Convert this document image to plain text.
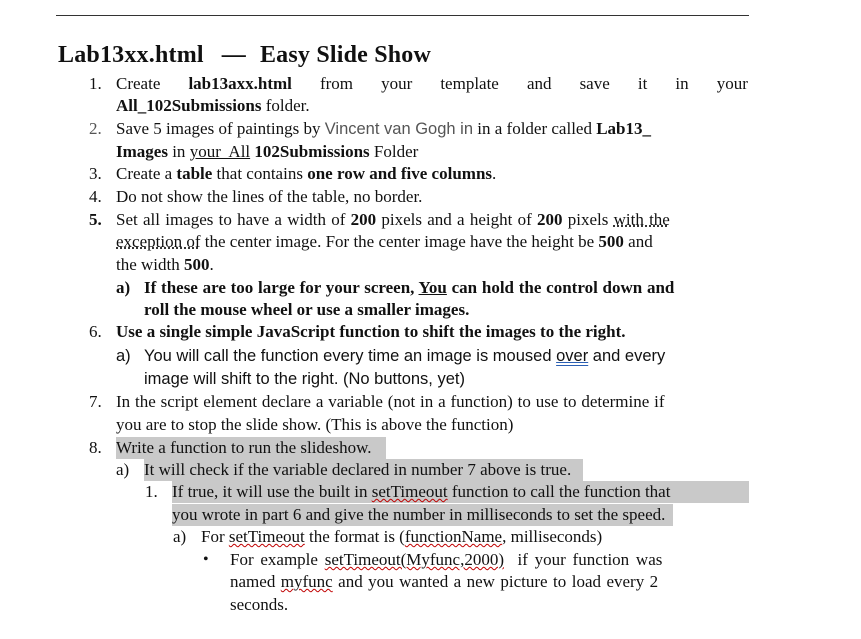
Lab13xx.html — Easy Slide Show
1. Create lab13axx.html from your template and save it in your
All_102Submissions folder.
2. Save 5 images of paintings by Vincent van Gogh in in a folder called Lab13_
Images in your  All 102Submissions Folder
3. Create a table that contains one row and five columns.
4. Do not show the lines of the table, no border.
5. Set all images to have a width of 200 pixels and a height of 200 pixels with the
exception of the center image. For the center image have the height be 500 and
the width 500.
a) If these are too large for your screen, You can hold the control down and
roll the mouse wheel or use a smaller images.
6. Use a single simple JavaScript function to shift the images to the right.
a) You will call the function every time an image is moused over and every
image will shift to the right. (No buttons, yet)
7. In the script element declare a variable (not in a function) to use to determine if
you are to stop the slide show. (This is above the function)
8. Write a function to run the slideshow.
a) It will check if the variable declared in number 7 above is true.
1. If true, it will use the built in setTimeout function to call the function that
you wrote in part 6 and give the number in milliseconds to set the speed.
a) For setTimeout the format is (functionName, milliseconds)
• For example setTimeout(Myfunc,2000)  if your function was
named myfunc and you wanted a new picture to load every 2
seconds.
